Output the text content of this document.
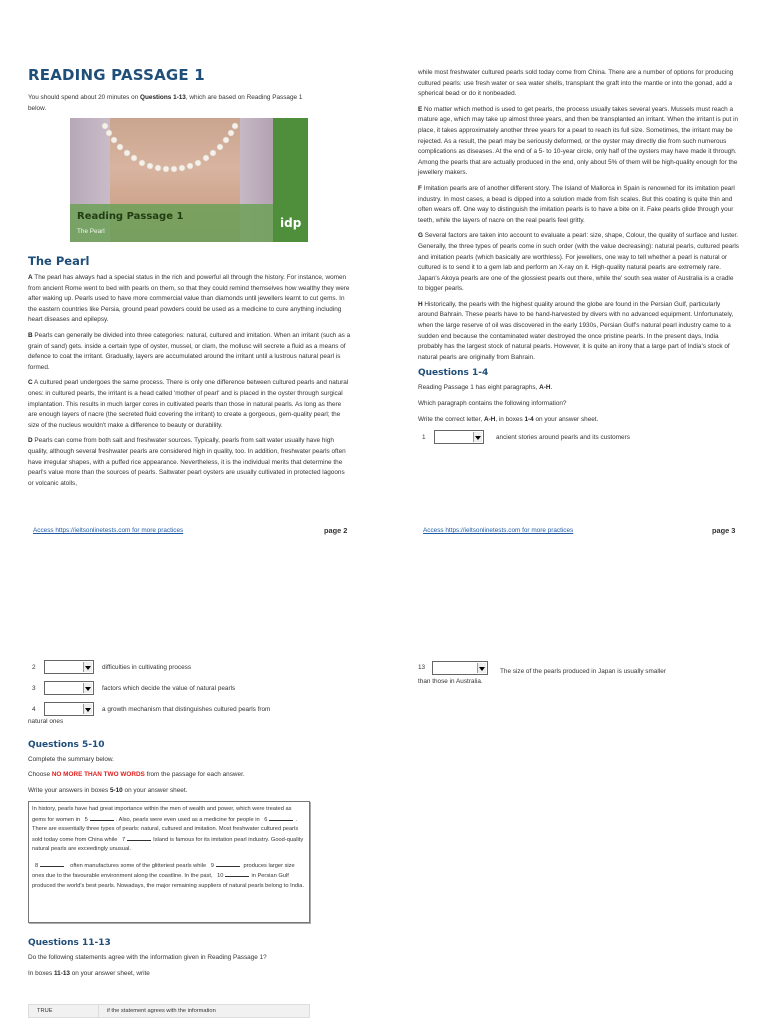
READING PASSAGE 1
You should spend about 20 minutes on Questions 1-13, which are based on Reading Passage 1 below.
Reading Passage 1
The Pearl
idp
The Pearl
A The pearl has always had a special status in the rich and powerful all through the history. For instance, women from ancient Rome went to bed with pearls on them, so that they could remind themselves how wealthy they were after waking up. Pearls used to have more commercial value than diamonds until jewellers learnt to cut gems. In the eastern countries like Persia, ground pearl powders could be used as a medicine to cure anything including heart diseases and epilepsy.
B Pearls can generally be divided into three categories: natural, cultured and imitation. When an irritant (such as a grain of sand) gets. inside a certain type of oyster, mussel, or clam, the mollusc will secrete a fluid as a means of defence to coat the irritant. Gradually, layers are accumulated around the irritant until a lustrous natural pearl is formed.
C A cultured pearl undergoes the same process. There is only one difference between cultured pearls and natural ones: in cultured pearls, the irritant is a head called 'mother of pearl' and is placed in the oyster through surgical implantation. This results in much larger cores in cultivated pearls than those in natural pearls. As long as there are enough layers of nacre (the secreted fluid covering the irritant) to create a gorgeous, gem-quality pearl; the size of the nucleus wouldn't make a difference to beauty or durability.
D Pearls can come from both salt and freshwater sources. Typically, pearls from salt water usually have high quality, although several freshwater pearls are considered high in quality, too. In addition, freshwater pearls often have irregular shapes, with a puffed rice appearance. Nevertheless, it is the individual merits that determine the pearl's value more than the sources of pearls. Saltwater pearl oysters are usually cultivated in protected lagoons or volcanic atolls,
Access https://ieltsonlinetests.com for more practices	page 2
while most freshwater cultured pearls sold today come from China. There are a number of options for producing cultured pearls: use fresh water or sea water shells, transplant the graft into the mantle or into the gonad, add a spherical bead or do it nonbeaded.
E No matter which method is used to get pearls, the process usually takes several years. Mussels must reach a mature age, which may take up almost three years, and then be transplanted an irritant. When the irritant is put in place, it takes approximately another three years for a pearl to reach its full size. Sometimes, the irritant may be rejected. As a result, the pearl may be seriously deformed, or the oyster may directly die from such numerous complications as diseases. At the end of a 5- to 10-year circle, only half of the oysters may have made it through. Among the pearls that are actually produced in the end, only about 5% of them will be high-quality enough for the jewellery makers.
F Imitation pearls are of another different story. The Island of Mallorca in Spain is renowned for its imitation pearl industry. In most cases, a bead is dipped into a solution made from fish scales. But this coating is quite thin and often wears off. One way to distinguish the imitation pearls is to have a bite on it. Fake pearls glide through your teeth, while the layers of nacre on the real pearls feel gritty.
G Several factors are taken into account to evaluate a pearl: size, shape, Colour, the quality of surface and luster. Generally, the three types of pearls come in such order (with the value decreasing): natural pearls, cultured pearls and imitation pearls (which basically are worthless). For jewellers, one way to tell whether a pearl is natural or cultured is to send it to a gem lab and perform an X-ray on it. High-quality natural pearls are extremely rare. Japan's Akoya pearls are one of the glossiest pearls out there, while the' south sea water of Australia is a cradle to bigger pearls.
H Historically, the pearls with the highest quality around the globe are found in the Persian Gulf, particularly around Bahrain. These pearls have to be hand-harvested by divers with no advanced equipment. Unfortunately, when the large reserve of oil was discovered in the early 1930s, Persian Gulf's natural pearl industry came to a sudden end because the contaminated water destroyed the once pristine pearls. In the present days, India probably has the largest stock of natural pearls. However, it is quite an irony that a large part of India's stock of natural pearls are originally from Bahrain.
Questions 1-4
Reading Passage 1 has eight paragraphs, A-H.
Which paragraph contains the following information?
Write the correct letter, A-H, in boxes 1-4 on your answer sheet.
1	ancient stories around pearls and its customers
Access https://ieltsonlinetests.com for more practices	page 3
2	difficulties in cultivating process
3	factors which decide the value of natural pearls
4	a growth mechanism that distinguishes cultured pearls from
natural ones
Questions 5-10
Complete the summary below.
Choose NO MORE THAN TWO WORDS from the passage for each answer.
Write your answers in boxes 5-10 on your answer sheet.
In history, pearls have had great importance within the men of wealth and power, which were treated as gems for women in 5	. Also, pearls were even used as a medicine for people in 6	. There are essentially three types of pearls: natural, cultured and imitation. Most freshwater cultured pearls sold today come from China while 7	Island is famous for its imitation pearl industry. Good-quality natural pearls are exceedingly unusual.
8	often manufactures some of the glitteriest pearls while 9	produces larger size ones due to the favourable environment along the coastline. In the past, 10	in Persian Gulf produced the world's best pearls. Nowadays, the major remaining suppliers of natural pearls belong to India.
Questions 11-13
Do the following statements agree with the information given in Reading Passage 1?
In boxes 11-13 on your answer sheet, write
TRUE	if the statement agrees with the information
13
The size of the pearls produced in Japan is usually smaller
than those in Australia.
